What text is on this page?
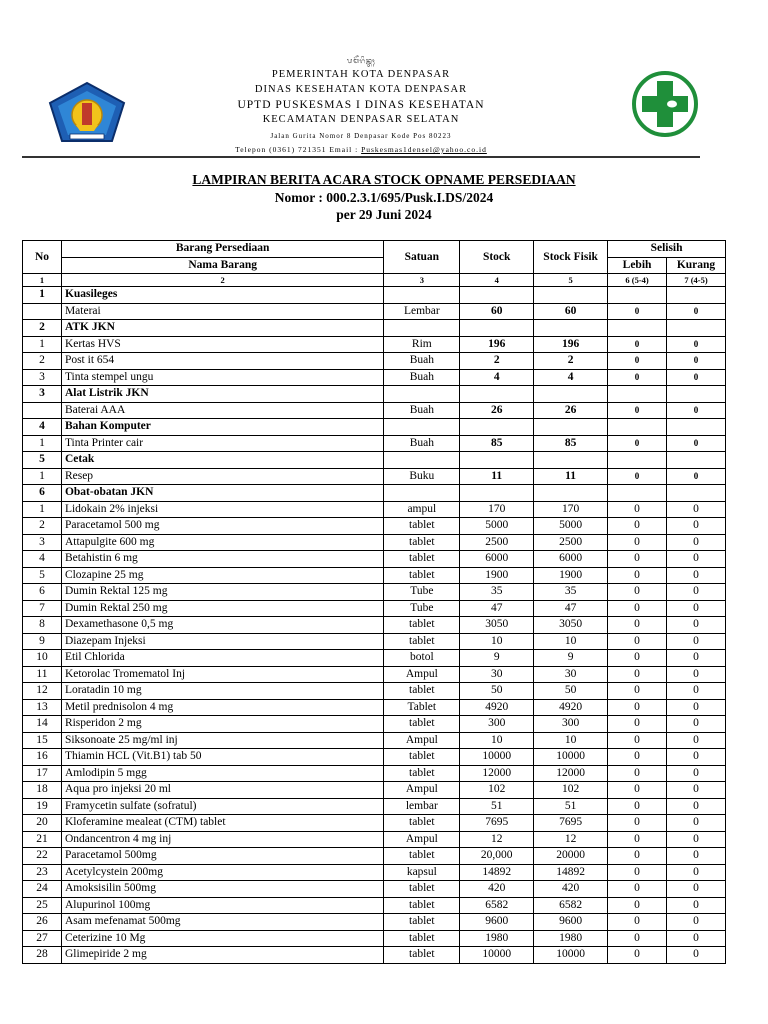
ᬧᬫᭂᬭᬶᬦ᭄ᬢᬄ
PEMERINTAH KOTA DENPASAR
DINAS KESEHATAN KOTA DENPASAR
UPTD PUSKESMAS I DINAS KESEHATAN
KECAMATAN DENPASAR SELATAN
Jalan Gurita Nomor 8 Denpasar Kode Pos 80223
Telepon (0361) 721351 Email : Puskesmas1densel@yahoo.co.id
LAMPIRAN BERITA ACARA STOCK OPNAME PERSEDIAAN
Nomor : 000.2.3.1/695/Pusk.I.DS/2024
per 29 Juni 2024
No	Barang Persediaan	Satuan	Stock	Stock Fisik	Selisih	
	Nama Barang				Lebih	Kurang
1	2	3	4	5	6 (5-4)	7 (4-5)
1	Kuasileges					
	Materai	Lembar	60	60	0	0
2	ATK JKN					
1	Kertas HVS	Rim	196	196	0	0
2	Post it 654	Buah	2	2	0	0
3	Tinta stempel ungu	Buah	4	4	0	0
3	Alat Listrik JKN					
	Baterai AAA	Buah	26	26	0	0
4	Bahan Komputer					
1	Tinta Printer cair	Buah	85	85	0	0
5	Cetak					
1	Resep	Buku	11	11	0	0
6	Obat-obatan JKN					
1	Lidokain 2% injeksi	ampul	170	170	0	0
2	Paracetamol 500 mg	tablet	5000	5000	0	0
3	Attapulgite 600 mg	tablet	2500	2500	0	0
4	Betahistin 6 mg	tablet	6000	6000	0	0
5	Clozapine 25 mg	tablet	1900	1900	0	0
6	Dumin Rektal 125 mg	Tube	35	35	0	0
7	Dumin Rektal 250 mg	Tube	47	47	0	0
8	Dexamethasone 0,5 mg	tablet	3050	3050	0	0
9	Diazepam Injeksi	tablet	10	10	0	0
10	Etil Chlorida	botol	9	9	0	0
11	Ketorolac Tromematol Inj	Ampul	30	30	0	0
12	Loratadin 10 mg	tablet	50	50	0	0
13	Metil prednisolon 4 mg	Tablet	4920	4920	0	0
14	Risperidon 2 mg	tablet	300	300	0	0
15	Siksonoate 25 mg/ml inj	Ampul	10	10	0	0
16	Thiamin HCL (Vit.B1) tab 50	tablet	10000	10000	0	0
17	Amlodipin 5 mgg	tablet	12000	12000	0	0
18	Aqua pro injeksi 20 ml	Ampul	102	102	0	0
19	Framycetin sulfate (sofratul)	lembar	51	51	0	0
20	Kloferamine mealeat (CTM) tablet	tablet	7695	7695	0	0
21	Ondancentron 4 mg inj	Ampul	12	12	0	0
22	Paracetamol 500mg	tablet	20,000	20000	0	0
23	Acetylcystein 200mg	kapsul	14892	14892	0	0
24	Amoksisilin 500mg	tablet	420	420	0	0
25	Alupurinol 100mg	tablet	6582	6582	0	0
26	Asam mefenamat 500mg	tablet	9600	9600	0	0
27	Ceterizine 10 Mg	tablet	1980	1980	0	0
28	Glimepiride 2 mg	tablet	10000	10000	0	0
